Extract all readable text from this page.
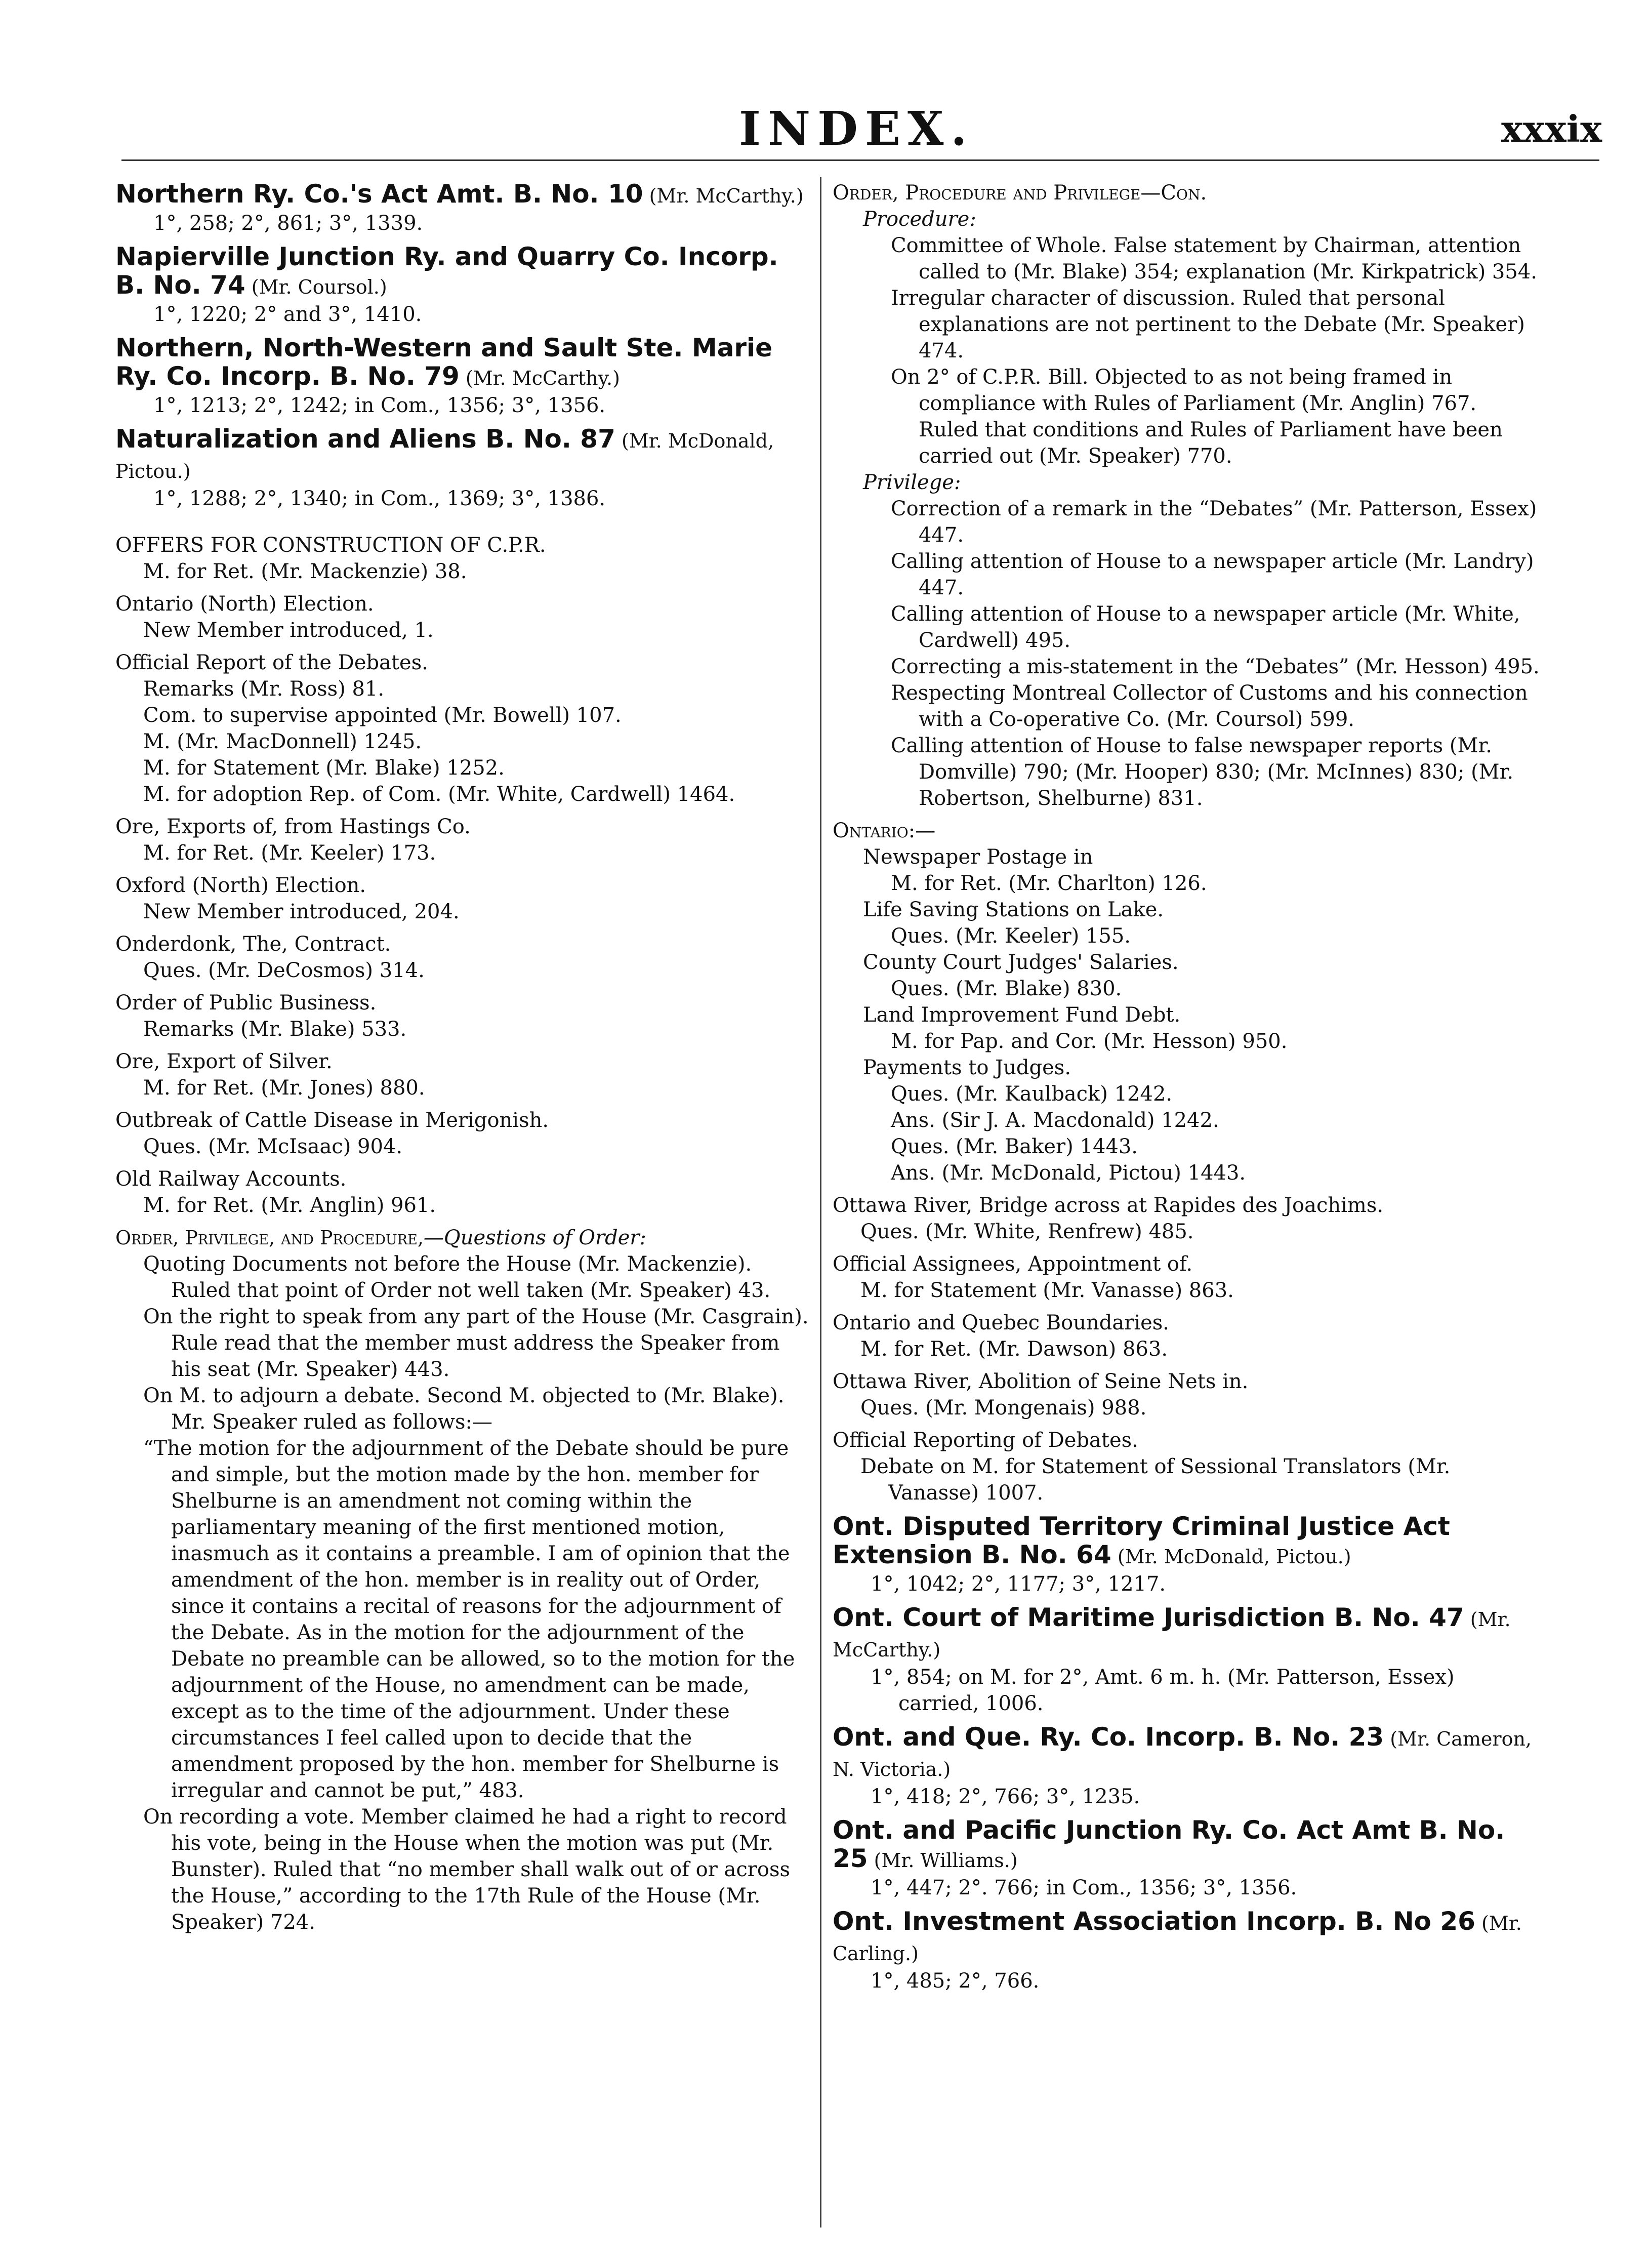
INDEX.	xxxix
Northern Ry. Co.'s Act Amt. B. No. 10 (Mr. McCarthy.)
1°, 258; 2°, 861; 3°, 1339.
Napierville Junction Ry. and Quarry Co. Incorp. B. No. 74 (Mr. Coursol.)
1°, 1220; 2° and 3°, 1410.
Northern, North-Western and Sault Ste. Marie Ry. Co. Incorp. B. No. 79 (Mr. McCarthy.)
1°, 1213; 2°, 1242; in Com., 1356; 3°, 1356.
Naturalization and Aliens B. No. 87 (Mr. McDonald, Pictou.)
1°, 1288; 2°, 1340; in Com., 1369; 3°, 1386.
OFFERS FOR CONSTRUCTION OF C.P.R.
M. for Ret. (Mr. Mackenzie) 38.
Ontario (North) Election.
New Member introduced, 1.
Official Report of the Debates.
Remarks (Mr. Ross) 81.
Com. to supervise appointed (Mr. Bowell) 107.
M. (Mr. MacDonnell) 1245.
M. for Statement (Mr. Blake) 1252.
M. for adoption Rep. of Com. (Mr. White, Cardwell) 1464.
Ore, Exports of, from Hastings Co.
M. for Ret. (Mr. Keeler) 173.
Oxford (North) Election.
New Member introduced, 204.
Onderdonk, The, Contract.
Ques. (Mr. DeCosmos) 314.
Order of Public Business.
Remarks (Mr. Blake) 533.
Ore, Export of Silver.
M. for Ret. (Mr. Jones) 880.
Outbreak of Cattle Disease in Merigonish.
Ques. (Mr. McIsaac) 904.
Old Railway Accounts.
M. for Ret. (Mr. Anglin) 961.
Order, Privilege, and Procedure,—Questions of Order:
Quoting Documents not before the House (Mr. Mackenzie). Ruled that point of Order not well taken (Mr. Speaker) 43.
On the right to speak from any part of the House (Mr. Casgrain). Rule read that the member must address the Speaker from his seat (Mr. Speaker) 443.
On M. to adjourn a debate. Second M. objected to (Mr. Blake). Mr. Speaker ruled as follows:—
“The motion for the adjournment of the Debate should be pure and simple, but the motion made by the hon. member for Shelburne is an amendment not coming within the parliamentary meaning of the first mentioned motion, inasmuch as it contains a preamble. I am of opinion that the amendment of the hon. member is in reality out of Order, since it contains a recital of reasons for the adjournment of the Debate. As in the motion for the adjournment of the Debate no preamble can be allowed, so to the motion for the adjournment of the House, no amendment can be made, except as to the time of the adjournment. Under these circumstances I feel called upon to decide that the amendment proposed by the hon. member for Shelburne is irregular and cannot be put,” 483.
On recording a vote. Member claimed he had a right to record his vote, being in the House when the motion was put (Mr. Bunster). Ruled that “no member shall walk out of or across the House,” according to the 17th Rule of the House (Mr. Speaker) 724.
Order, Procedure and Privilege—Con.
Procedure:
Committee of Whole. False statement by Chairman, attention called to (Mr. Blake) 354; explanation (Mr. Kirkpatrick) 354.
Irregular character of discussion. Ruled that personal explanations are not pertinent to the Debate (Mr. Speaker) 474.
On 2° of C.P.R. Bill. Objected to as not being framed in compliance with Rules of Parliament (Mr. Anglin) 767. Ruled that conditions and Rules of Parliament have been carried out (Mr. Speaker) 770.
Privilege:
Correction of a remark in the “Debates” (Mr. Patterson, Essex) 447.
Calling attention of House to a newspaper article (Mr. Landry) 447.
Calling attention of House to a newspaper article (Mr. White, Cardwell) 495.
Correcting a mis-statement in the “Debates” (Mr. Hesson) 495.
Respecting Montreal Collector of Customs and his connection with a Co-operative Co. (Mr. Coursol) 599.
Calling attention of House to false newspaper reports (Mr. Domville) 790; (Mr. Hooper) 830; (Mr. McInnes) 830; (Mr. Robertson, Shelburne) 831.
Ontario:—
Newspaper Postage in
M. for Ret. (Mr. Charlton) 126.
Life Saving Stations on Lake.
Ques. (Mr. Keeler) 155.
County Court Judges' Salaries.
Ques. (Mr. Blake) 830.
Land Improvement Fund Debt.
M. for Pap. and Cor. (Mr. Hesson) 950.
Payments to Judges.
Ques. (Mr. Kaulback) 1242.
Ans. (Sir J. A. Macdonald) 1242.
Ques. (Mr. Baker) 1443.
Ans. (Mr. McDonald, Pictou) 1443.
Ottawa River, Bridge across at Rapides des Joachims.
Ques. (Mr. White, Renfrew) 485.
Official Assignees, Appointment of.
M. for Statement (Mr. Vanasse) 863.
Ontario and Quebec Boundaries.
M. for Ret. (Mr. Dawson) 863.
Ottawa River, Abolition of Seine Nets in.
Ques. (Mr. Mongenais) 988.
Official Reporting of Debates.
Debate on M. for Statement of Sessional Translators (Mr. Vanasse) 1007.
Ont. Disputed Territory Criminal Justice Act Extension B. No. 64 (Mr. McDonald, Pictou.)
1°, 1042; 2°, 1177; 3°, 1217.
Ont. Court of Maritime Jurisdiction B. No. 47 (Mr. McCarthy.)
1°, 854; on M. for 2°, Amt. 6 m. h. (Mr. Patterson, Essex) carried, 1006.
Ont. and Que. Ry. Co. Incorp. B. No. 23 (Mr. Cameron, N. Victoria.)
1°, 418; 2°, 766; 3°, 1235.
Ont. and Pacific Junction Ry. Co. Act Amt B. No. 25 (Mr. Williams.)
1°, 447; 2°. 766; in Com., 1356; 3°, 1356.
Ont. Investment Association Incorp. B. No 26 (Mr. Carling.)
1°, 485; 2°, 766.
